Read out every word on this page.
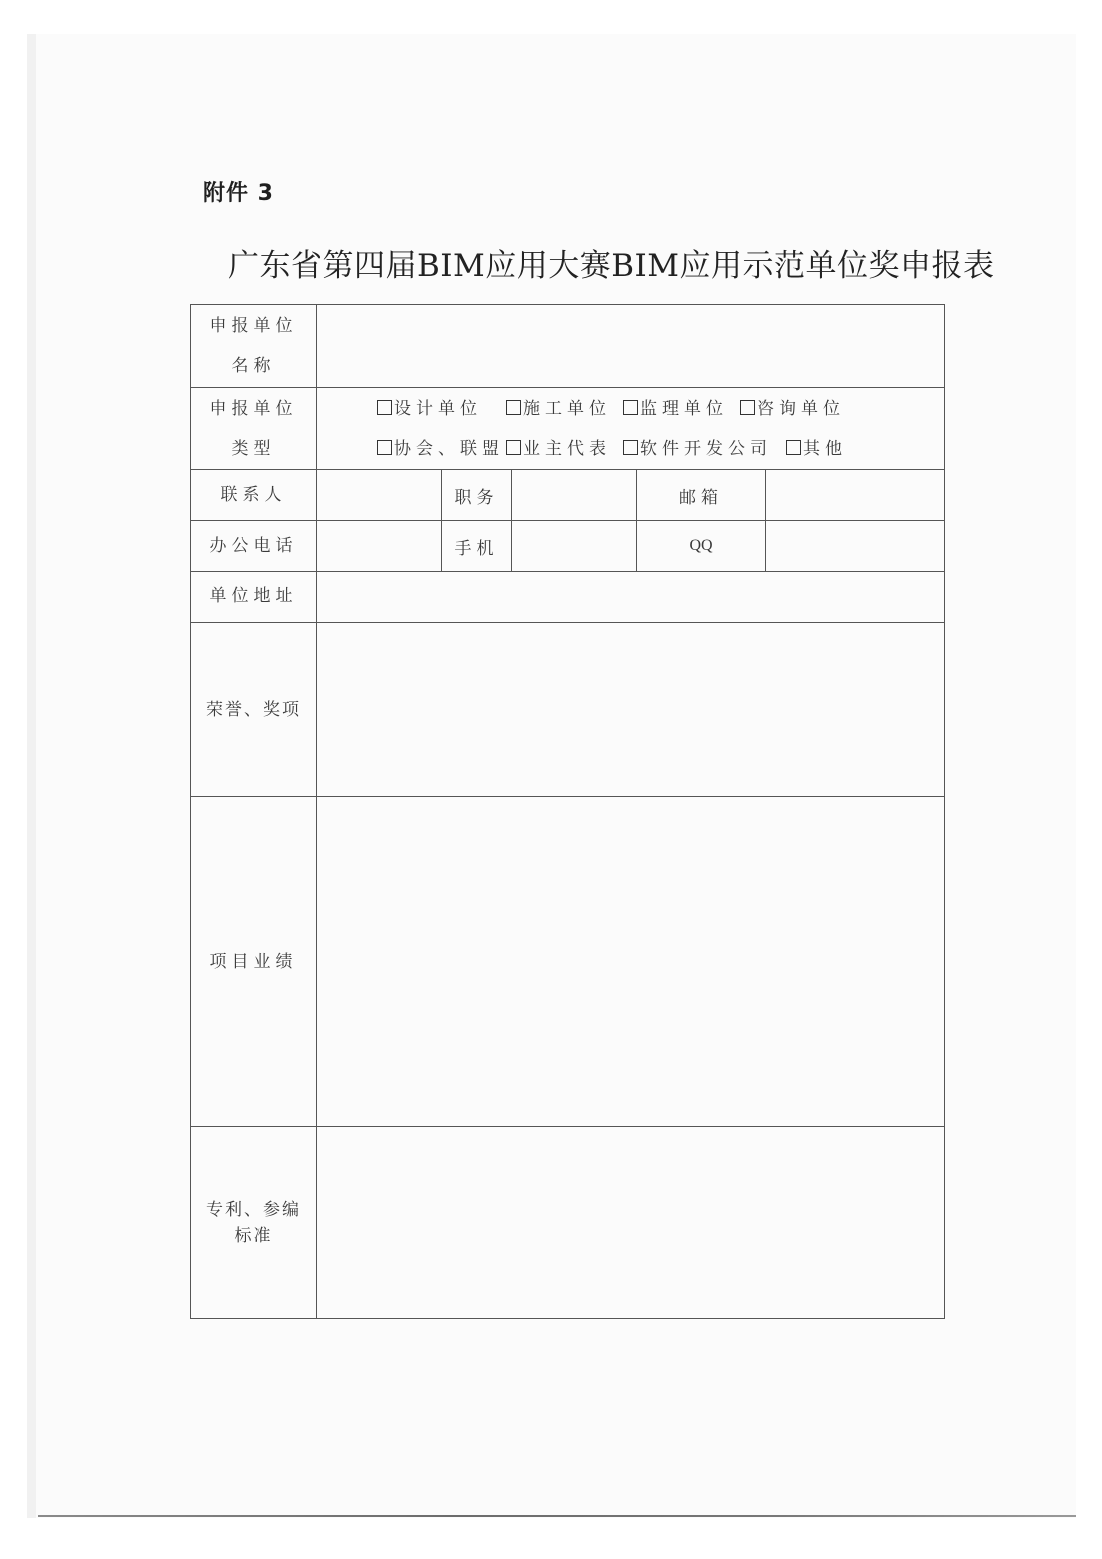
附件 3
广东省第四届BIM应用大赛BIM应用示范单位奖申报表
申报单位
名称					

申报单位
类型

设计单位 施工单位 监理单位 咨询单位
协会、联盟 业主代表 软件开发公司 其他

联系人		职务		邮箱	
办公电话		手机		QQ	
单位地址					
荣誉、奖项					
项目业绩					

专利、参编
标准					
